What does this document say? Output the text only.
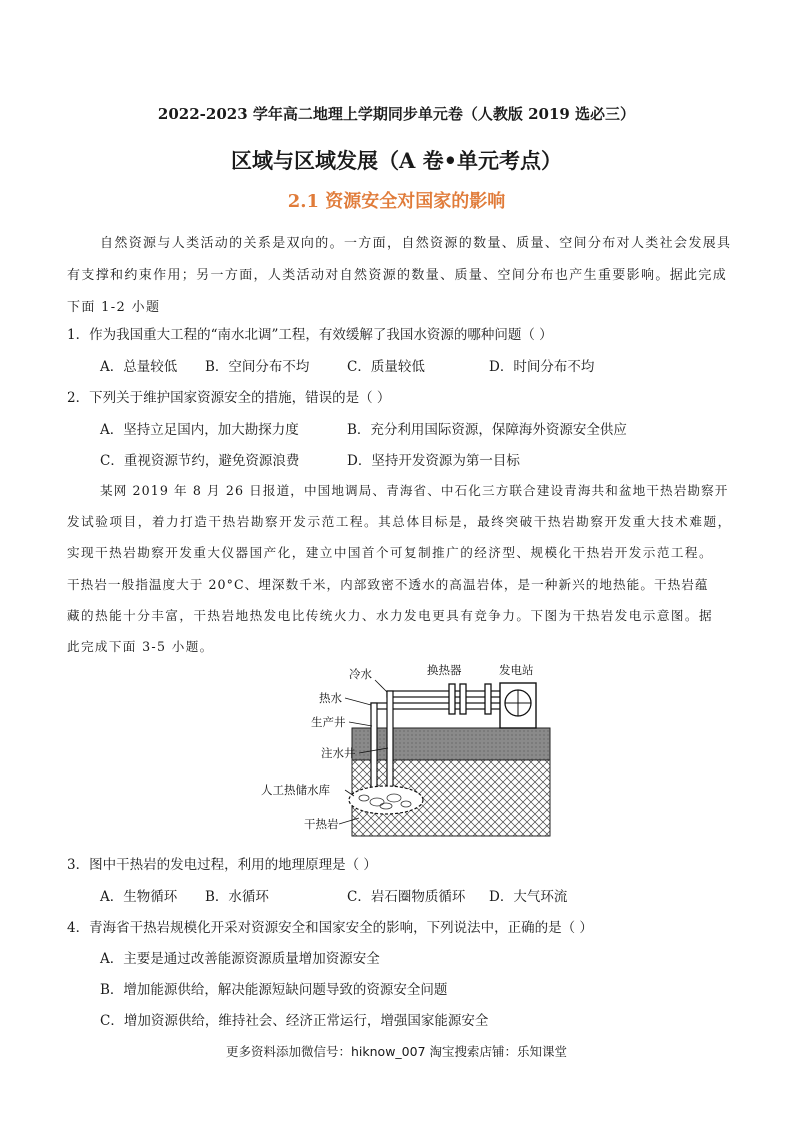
2022-2023 学年高二地理上学期同步单元卷（人教版 2019 选必三）
区域与区域发展（A 卷•单元考点）
2.1 资源安全对国家的影响
自然资源与人类活动的关系是双向的。一方面，自然资源的数量、质量、空间分布对人类社会发展具
有支撑和约束作用；另一方面，人类活动对自然资源的数量、质量、空间分布也产生重要影响。据此完成
下面 1-2 小题
1．作为我国重大工程的“南水北调”工程，有效缓解了我国水资源的哪种问题（ ）
A．总量较低 B．空间分布不均	C．质量较低	D．时间分布不均
2．下列关于维护国家资源安全的措施，错误的是（ ）
A．坚持立足国内，加大勘探力度	B．充分利用国际资源，保障海外资源安全供应
C．重视资源节约，避免资源浪费	D．坚持开发资源为第一目标
某网 2019 年 8 月 26 日报道，中国地调局、青海省、中石化三方联合建设青海共和盆地干热岩勘察开
发试验项目，着力打造干热岩勘察开发示范工程。其总体目标是，最终突破干热岩勘察开发重大技术难题，
实现干热岩勘察开发重大仪器国产化，建立中国首个可复制推广的经济型、规模化干热岩开发示范工程。
干热岩一般指温度大于 20°C、埋深数千米，内部致密不透水的高温岩体，是一种新兴的地热能。干热岩蕴
藏的热能十分丰富，干热岩地热发电比传统火力、水力发电更具有竞争力。下图为干热岩发电示意图。据
此完成下面 3-5 小题。
冷水	换热器	发电站
热水
生产井
注水井
人工热储水库
干热岩
3．图中干热岩的发电过程，利用的地理原理是（ ）
A．生物循环 B．水循环	C．岩石圈物质循环 D．大气环流
4．青海省干热岩规模化开采对资源安全和国家安全的影响，下列说法中，正确的是（ ）
A．主要是通过改善能源资源质量增加资源安全
B．增加能源供给，解决能源短缺问题导致的资源安全问题
C．增加资源供给，维持社会、经济正常运行，增强国家能源安全
更多资料添加微信号：hiknow_007 淘宝搜索店铺：乐知课堂
